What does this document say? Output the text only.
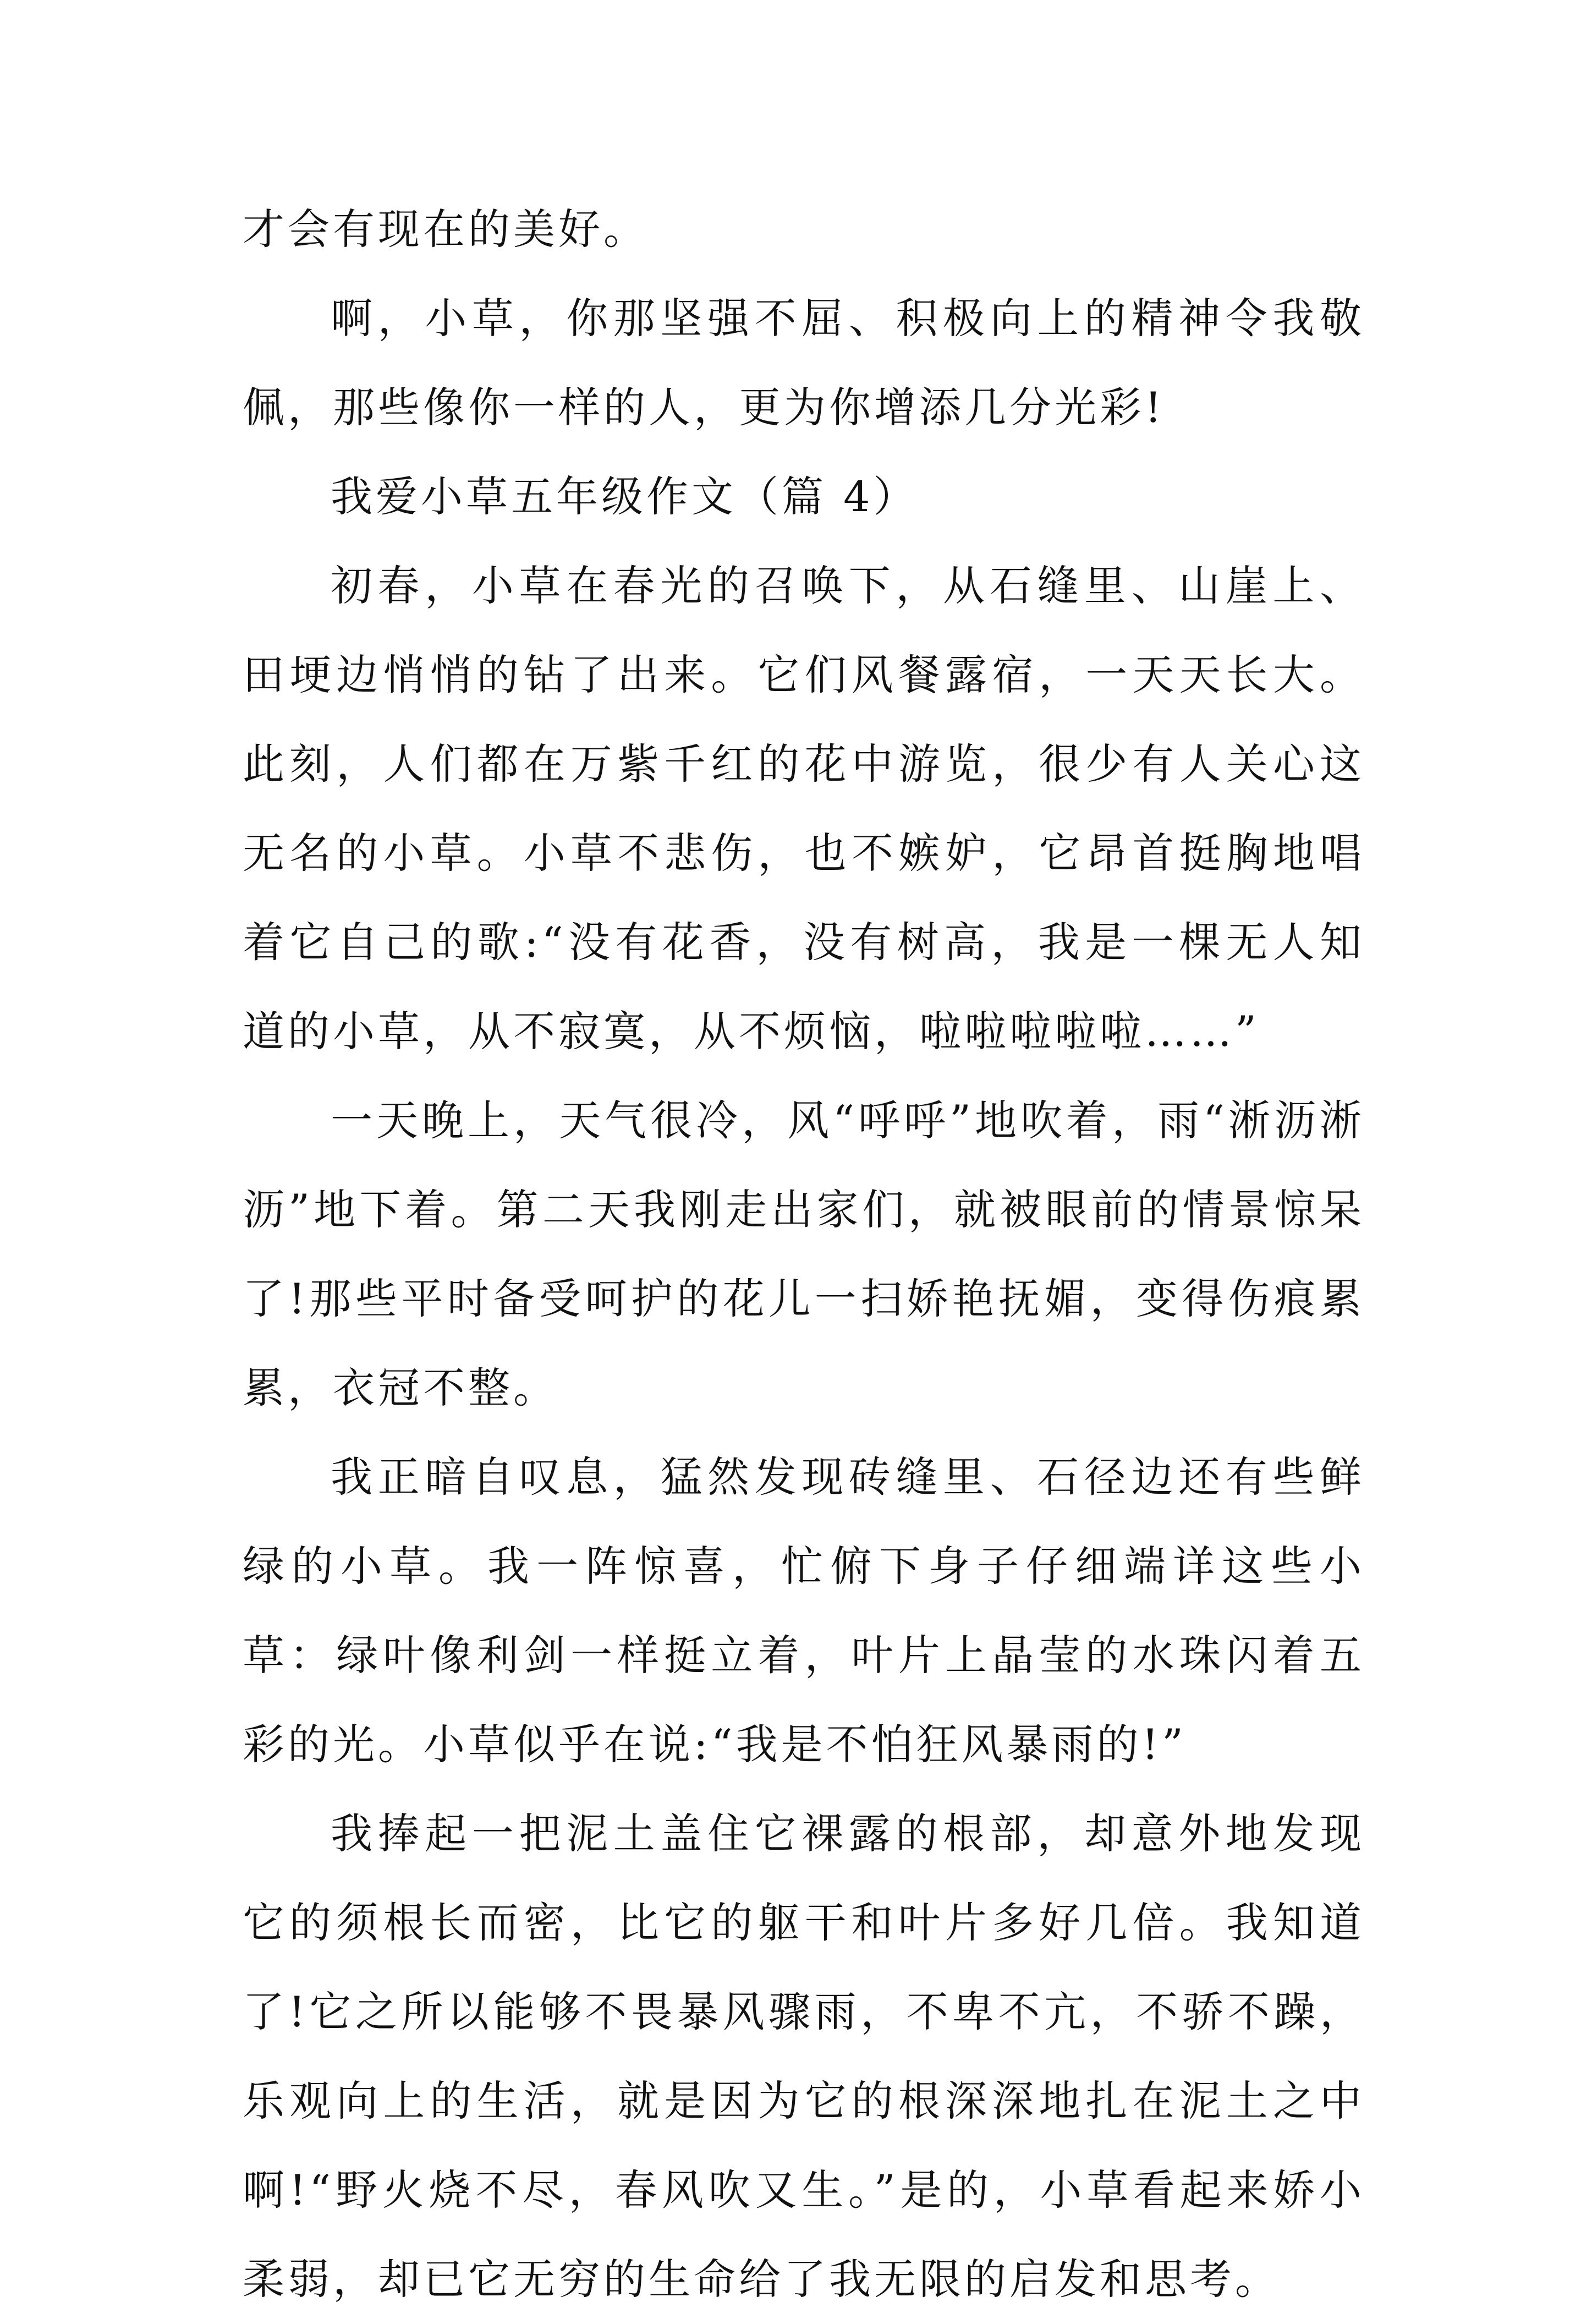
才会有现在的美好。

啊，小草，你那坚强不屈、积极向上的精神令我敬佩，那些像你一样的人，更为你增添几分光彩!

我爱小草五年级作文（篇 4）

初春，小草在春光的召唤下，从石缝里、山崖上、田埂边悄悄的钻了出来。它们风餐露宿，一天天长大。此刻，人们都在万紫千红的花中游览，很少有人关心这无名的小草。小草不悲伤，也不嫉妒，它昂首挺胸地唱着它自己的歌:“没有花香，没有树高，我是一棵无人知道的小草，从不寂寞，从不烦恼，啦啦啦啦啦……”

一天晚上，天气很冷，风“呼呼”地吹着，雨“淅沥淅沥”地下着。第二天我刚走出家们，就被眼前的情景惊呆了!那些平时备受呵护的花儿一扫娇艳抚媚，变得伤痕累累，衣冠不整。

我正暗自叹息，猛然发现砖缝里、石径边还有些鲜绿的小草。我一阵惊喜，忙俯下身子仔细端详这些小草：绿叶像利剑一样挺立着，叶片上晶莹的水珠闪着五彩的光。小草似乎在说:“我是不怕狂风暴雨的!”

我捧起一把泥土盖住它裸露的根部，却意外地发现它的须根长而密，比它的躯干和叶片多好几倍。我知道了!它之所以能够不畏暴风骤雨，不卑不亢，不骄不躁，乐观向上的生活，就是因为它的根深深地扎在泥土之中啊!“野火烧不尽，春风吹又生。”是的，小草看起来娇小柔弱，却已它无穷的生命给了我无限的启发和思考。
